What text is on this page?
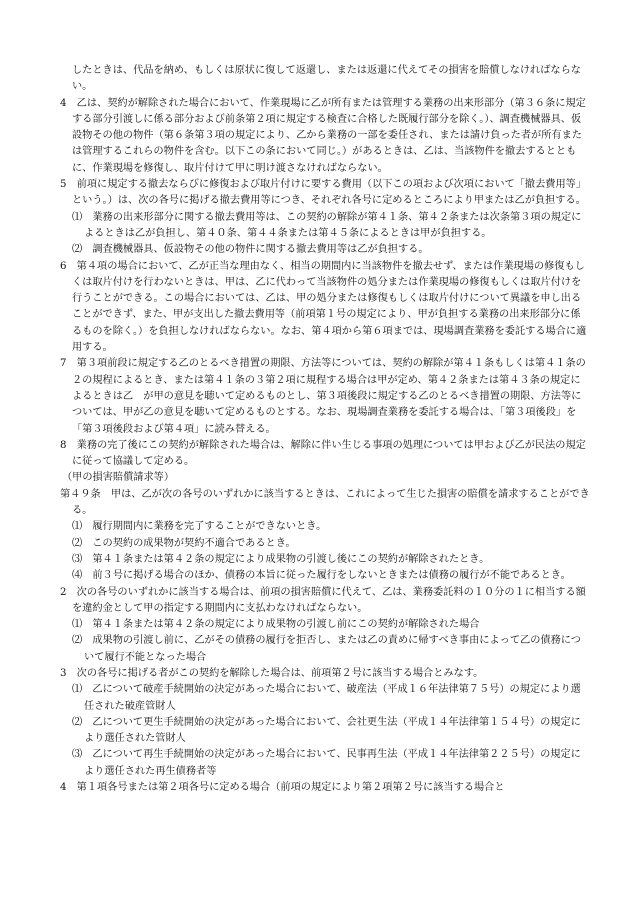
したときは、代品を納め、もしくは原状に復して返還し、または返還に代えてその損害を賠償しなければならない。

4　乙は、契約が解除された場合において、作業現場に乙が所有または管理する業務の出来形部分（第３６条に規定する部分引渡しに係る部分および前条第２項に規定する検査に合格した既履行部分を除く。）、調査機械器具、仮設物その他の物件（第６条第３項の規定により、乙から業務の一部を委任され、または請け負った者が所有または管理するこれらの物件を含む。以下この条において同じ。）があるときは、乙は、当該物件を撤去するとともに、作業現場を修復し、取片付けて甲に明け渡さなければならない。

5　前項に規定する撤去ならびに修復および取片付けに要する費用（以下この項および次項において「撤去費用等」という。）は、次の各号に掲げる撤去費用等につき、それぞれ各号に定めるところにより甲または乙が負担する。

⑴　業務の出来形部分に関する撤去費用等は、この契約の解除が第４１条、第４２条または次条第３項の規定によるときは乙が負担し、第４０条、第４４条または第４５条によるときは甲が負担する。

⑵　調査機械器具、仮設物その他の物件に関する撤去費用等は乙が負担する。

6　第４項の場合において、乙が正当な理由なく、相当の期間内に当該物件を撤去せず、または作業現場の修復もしくは取片付けを行わないときは、甲は、乙に代わって当該物件の処分または作業現場の修復もしくは取片付けを行うことができる。この場合においては、乙は、甲の処分または修復もしくは取片付けについて異議を申し出ることができず、また、甲が支出した撤去費用等（前項第１号の規定により、甲が負担する業務の出来形部分に係るものを除く。）を負担しなければならない。なお、第４項から第６項までは、現場調査業務を委託する場合に適用する。

7　第３項前段に規定する乙のとるべき措置の期限、方法等については、契約の解除が第４１条もしくは第４１条の２の規程によるとき、または第４１条の３第２項に規程する場合は甲が定め、第４２条または第４３条の規定によるときは乙　が甲の意見を聴いて定めるものとし、第３項後段に規定する乙のとるべき措置の期限、方法等については、甲が乙の意見を聴いて定めるものとする。なお、現場調査業務を委託する場合は、「第３項後段」を「第３項後段および第４項」に読み替える。

8　業務の完了後にこの契約が解除された場合は、解除に伴い生じる事項の処理については甲および乙が民法の規定に従って協議して定める。

（甲の損害賠償請求等）

第４９条　甲は、乙が次の各号のいずれかに該当するときは、これによって生じた損害の賠償を請求することができる。

⑴　履行期間内に業務を完了することができないとき。

⑵　この契約の成果物が契約不適合であるとき。

⑶　第４１条または第４２条の規定により成果物の引渡し後にこの契約が解除されたとき。

⑷　前３号に掲げる場合のほか、債務の本旨に従った履行をしないときまたは債務の履行が不能であるとき。

2　次の各号のいずれかに該当する場合は、前項の損害賠償に代えて、乙は、業務委託料の１０分の１に相当する額を違約金として甲の指定する期間内に支払わなければならない。

⑴　第４１条または第４２条の規定により成果物の引渡し前にこの契約が解除された場合

⑵　成果物の引渡し前に、乙がその債務の履行を拒否し、または乙の責めに帰すべき事由によって乙の債務について履行不能となった場合

3　次の各号に掲げる者がこの契約を解除した場合は、前項第２号に該当する場合とみなす。

⑴　乙について破産手続開始の決定があった場合において、破産法（平成１６年法律第７５号）の規定により選任された破産管財人

⑵　乙について更生手続開始の決定があった場合において、会社更生法（平成１４年法律第１５４号）の規定により選任された管財人

⑶　乙について再生手続開始の決定があった場合において、民事再生法（平成１４年法律第２２５号）の規定により選任された再生債務者等

4　第１項各号または第２項各号に定める場合（前項の規定により第２項第２号に該当する場合と
